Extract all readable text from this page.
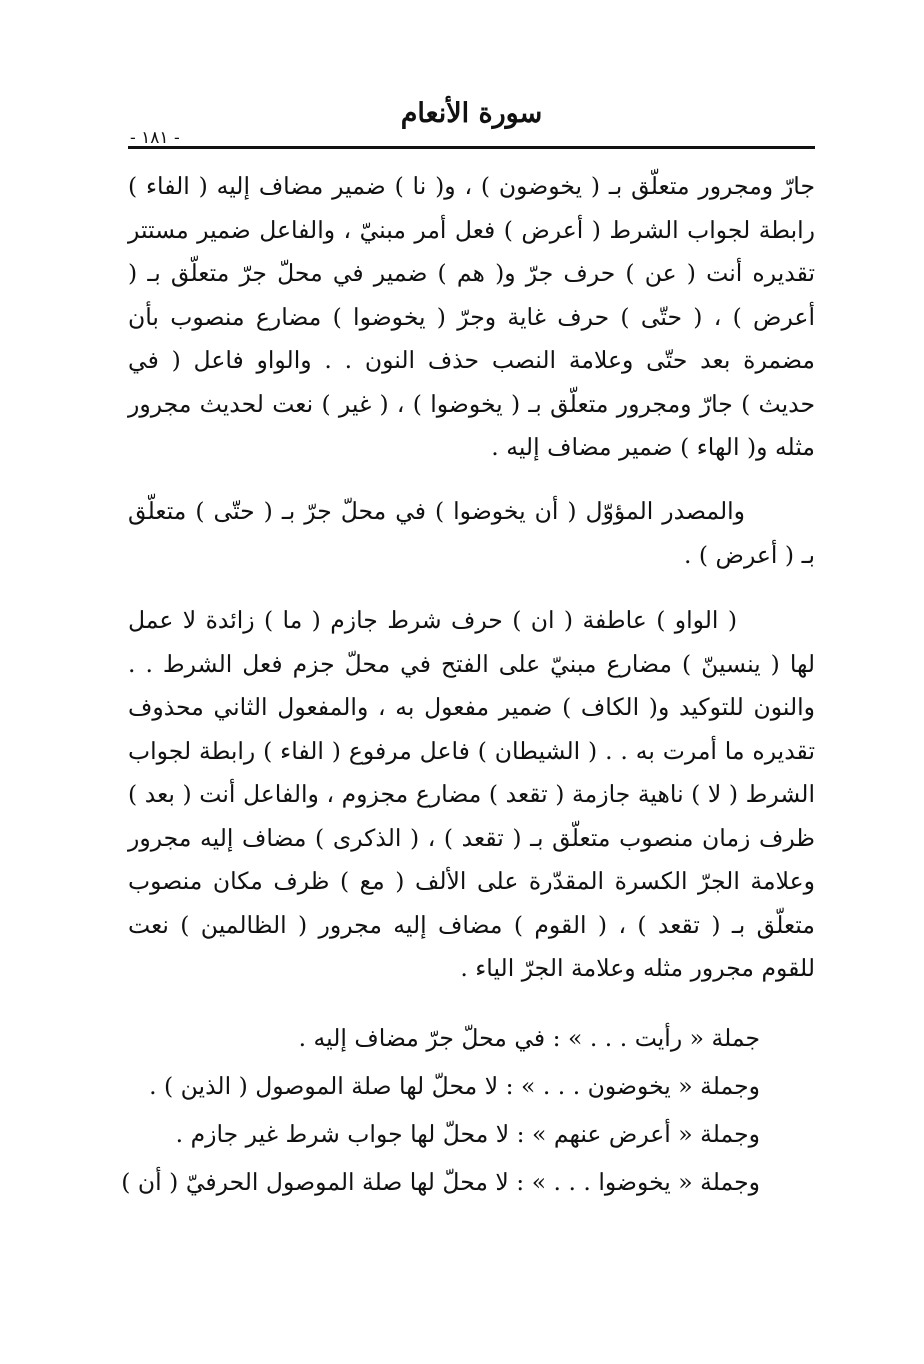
سورة الأنعام
- ١٨١ -

جارّ ومجرور متعلّق بـ ( يخوضون ) ، و( نا ) ضمير مضاف إليه ( الفاء ) رابطة لجواب الشرط ( أعرض ) فعل أمر مبنيّ ، والفاعل ضمير مستتر تقديره أنت ( عن ) حرف جرّ و( هم ) ضمير في محلّ جرّ متعلّق بـ ( أعرض ) ، ( حتّى ) حرف غاية وجرّ ( يخوضوا ) مضارع منصوب بأن مضمرة بعد حتّى وعلامة النصب حذف النون . . والواو فاعل ( في حديث ) جارّ ومجرور متعلّق بـ ( يخوضوا ) ، ( غير ) نعت لحديث مجرور مثله و( الهاء ) ضمير مضاف إليه .

والمصدر المؤوّل ( أن يخوضوا ) في محلّ جرّ بـ ( حتّى ) متعلّق بـ ( أعرض ) .

( الواو ) عاطفة ( ان ) حرف شرط جازم ( ما ) زائدة لا عمل لها ( ينسينّ ) مضارع مبنيّ على الفتح في محلّ جزم فعل الشرط . . والنون للتوكيد و( الكاف ) ضمير مفعول به ، والمفعول الثاني محذوف تقديره ما أمرت به . . ( الشيطان ) فاعل مرفوع ( الفاء ) رابطة لجواب الشرط ( لا ) ناهية جازمة ( تقعد ) مضارع مجزوم ، والفاعل أنت ( بعد ) ظرف زمان منصوب متعلّق بـ ( تقعد ) ، ( الذكرى ) مضاف إليه مجرور وعلامة الجرّ الكسرة المقدّرة على الألف ( مع ) ظرف مكان منصوب متعلّق بـ ( تقعد ) ، ( القوم ) مضاف إليه مجرور ( الظالمين ) نعت للقوم مجرور مثله وعلامة الجرّ الياء .

جملة « رأيت . . . » : في محلّ جرّ مضاف إليه .
وجملة « يخوضون . . . » : لا محلّ لها صلة الموصول ( الذين ) .
وجملة « أعرض عنهم » : لا محلّ لها جواب شرط غير جازم .
وجملة « يخوضوا . . . » : لا محلّ لها صلة الموصول الحرفيّ ( أن )
